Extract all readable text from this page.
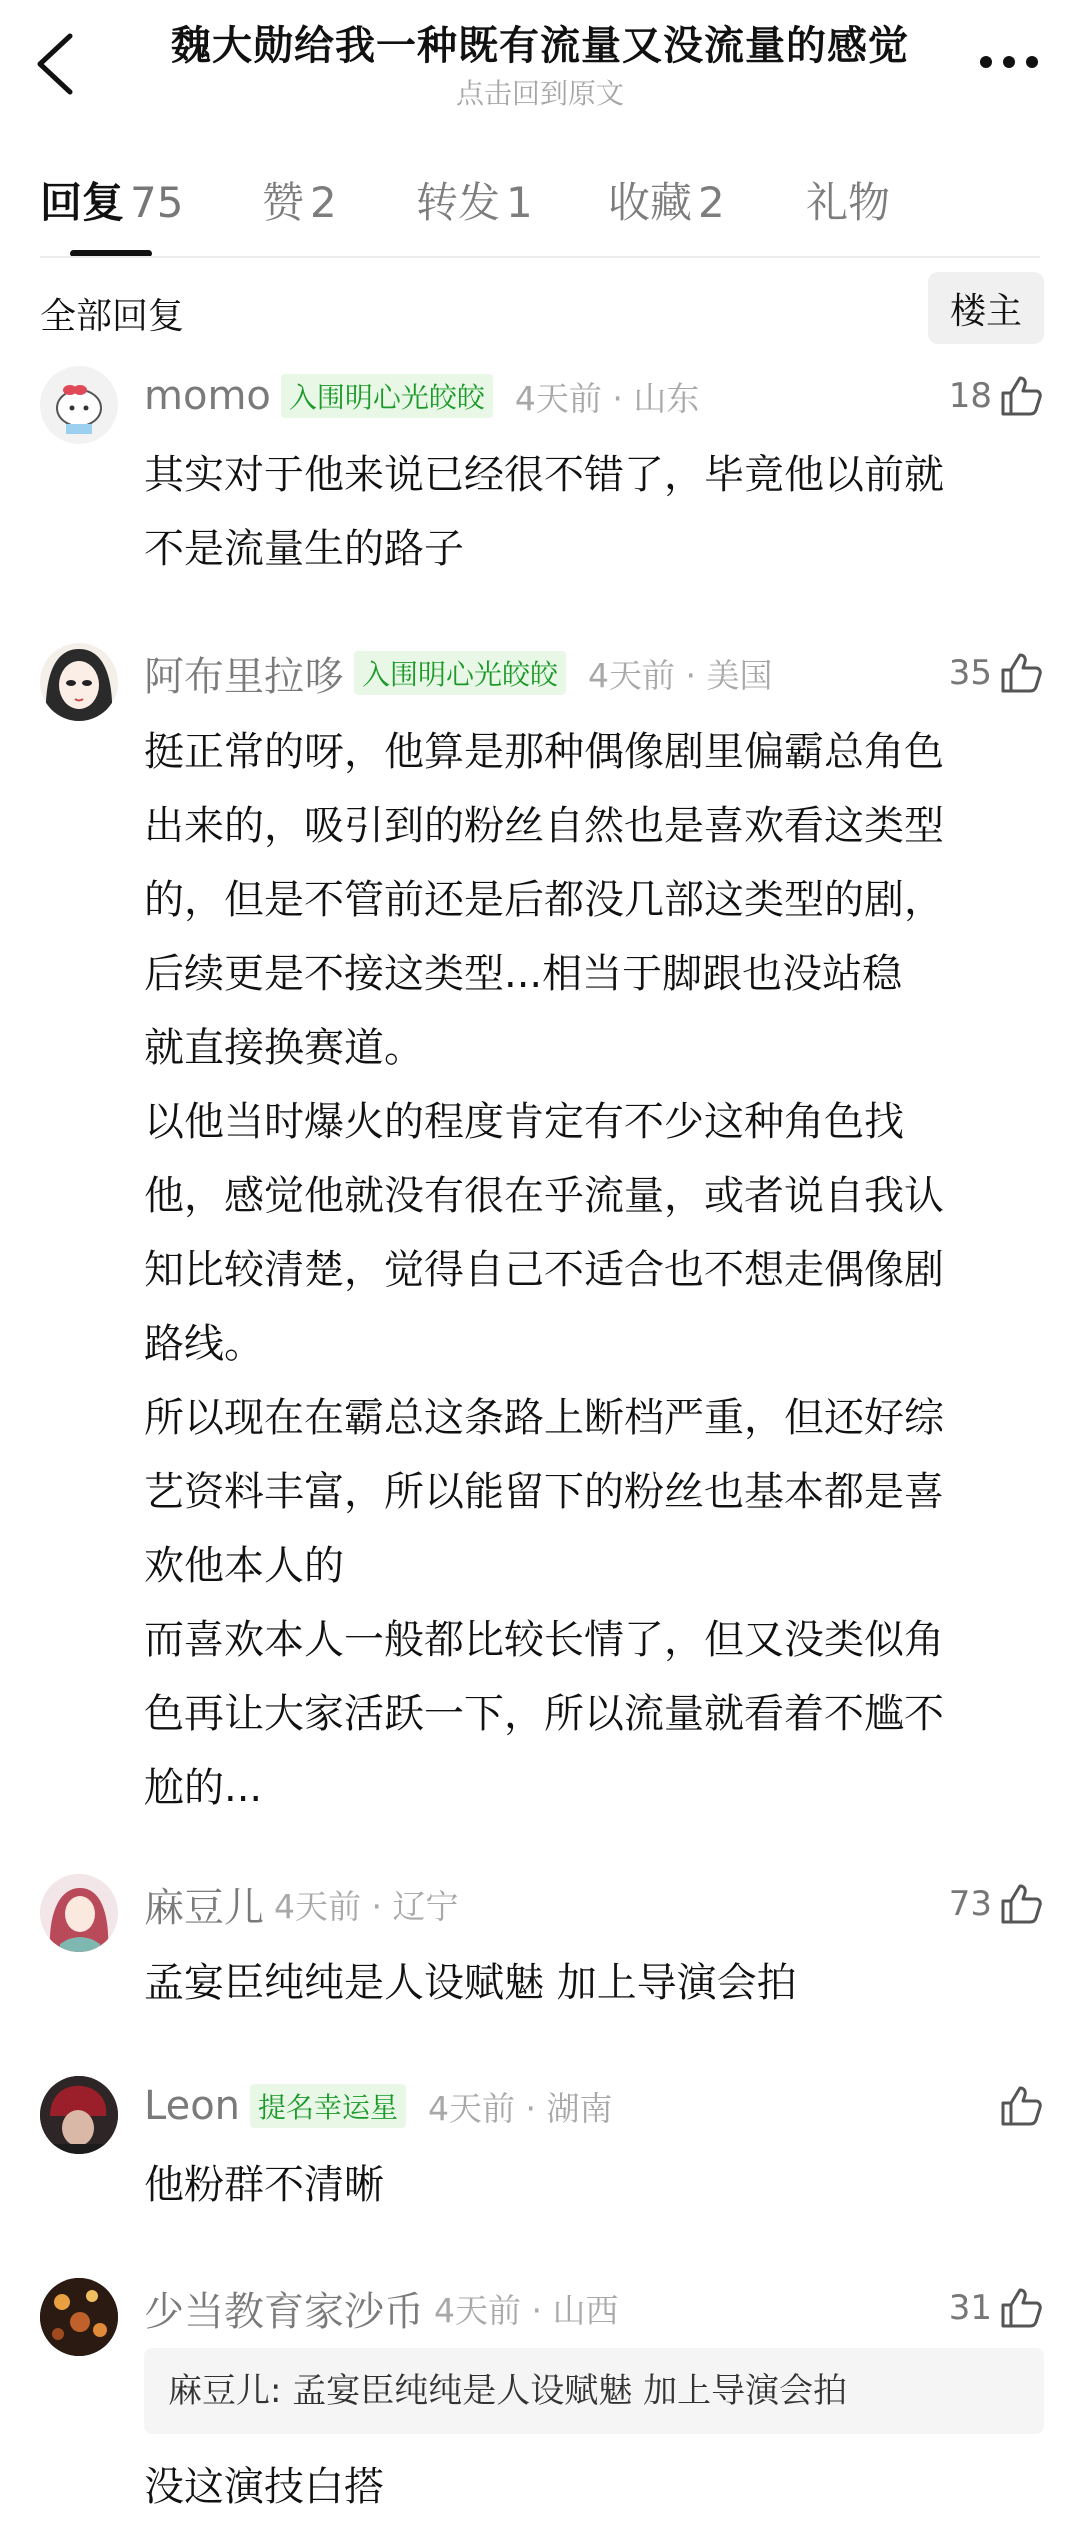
魏大勋给我一种既有流量又没流量的感觉
点击回到原文
回复 75 赞 2 转发 1 收藏 2 礼物
全部回复	楼主
momo 入围明心光皎皎 4天前 · 山东	18

其实对于他来说已经很不错了，毕竟他以前就

不是流量生的路子

阿布里拉哆 入围明心光皎皎 4天前 · 美国	35

挺正常的呀，他算是那种偶像剧里偏霸总角色

出来的，吸引到的粉丝自然也是喜欢看这类型

的，但是不管前还是后都没几部这类型的剧，

后续更是不接这类型...相当于脚跟也没站稳

就直接换赛道。

以他当时爆火的程度肯定有不少这种角色找

他，感觉他就没有很在乎流量，或者说自我认

知比较清楚，觉得自己不适合也不想走偶像剧

路线。

所以现在在霸总这条路上断档严重，但还好综

艺资料丰富，所以能留下的粉丝也基本都是喜

欢他本人的

而喜欢本人一般都比较长情了，但又没类似角

色再让大家活跃一下，所以流量就看着不尴不

尬的...

麻豆儿 4天前 · 辽宁	73

孟宴臣纯纯是人设赋魅 加上导演会拍

Leon 提名幸运星 4天前 · 湖南

他粉群不清晰

少当教育家沙币 4天前 · 山西	31
麻豆儿: 孟宴臣纯纯是人设赋魅 加上导演会拍

没这演技白搭
